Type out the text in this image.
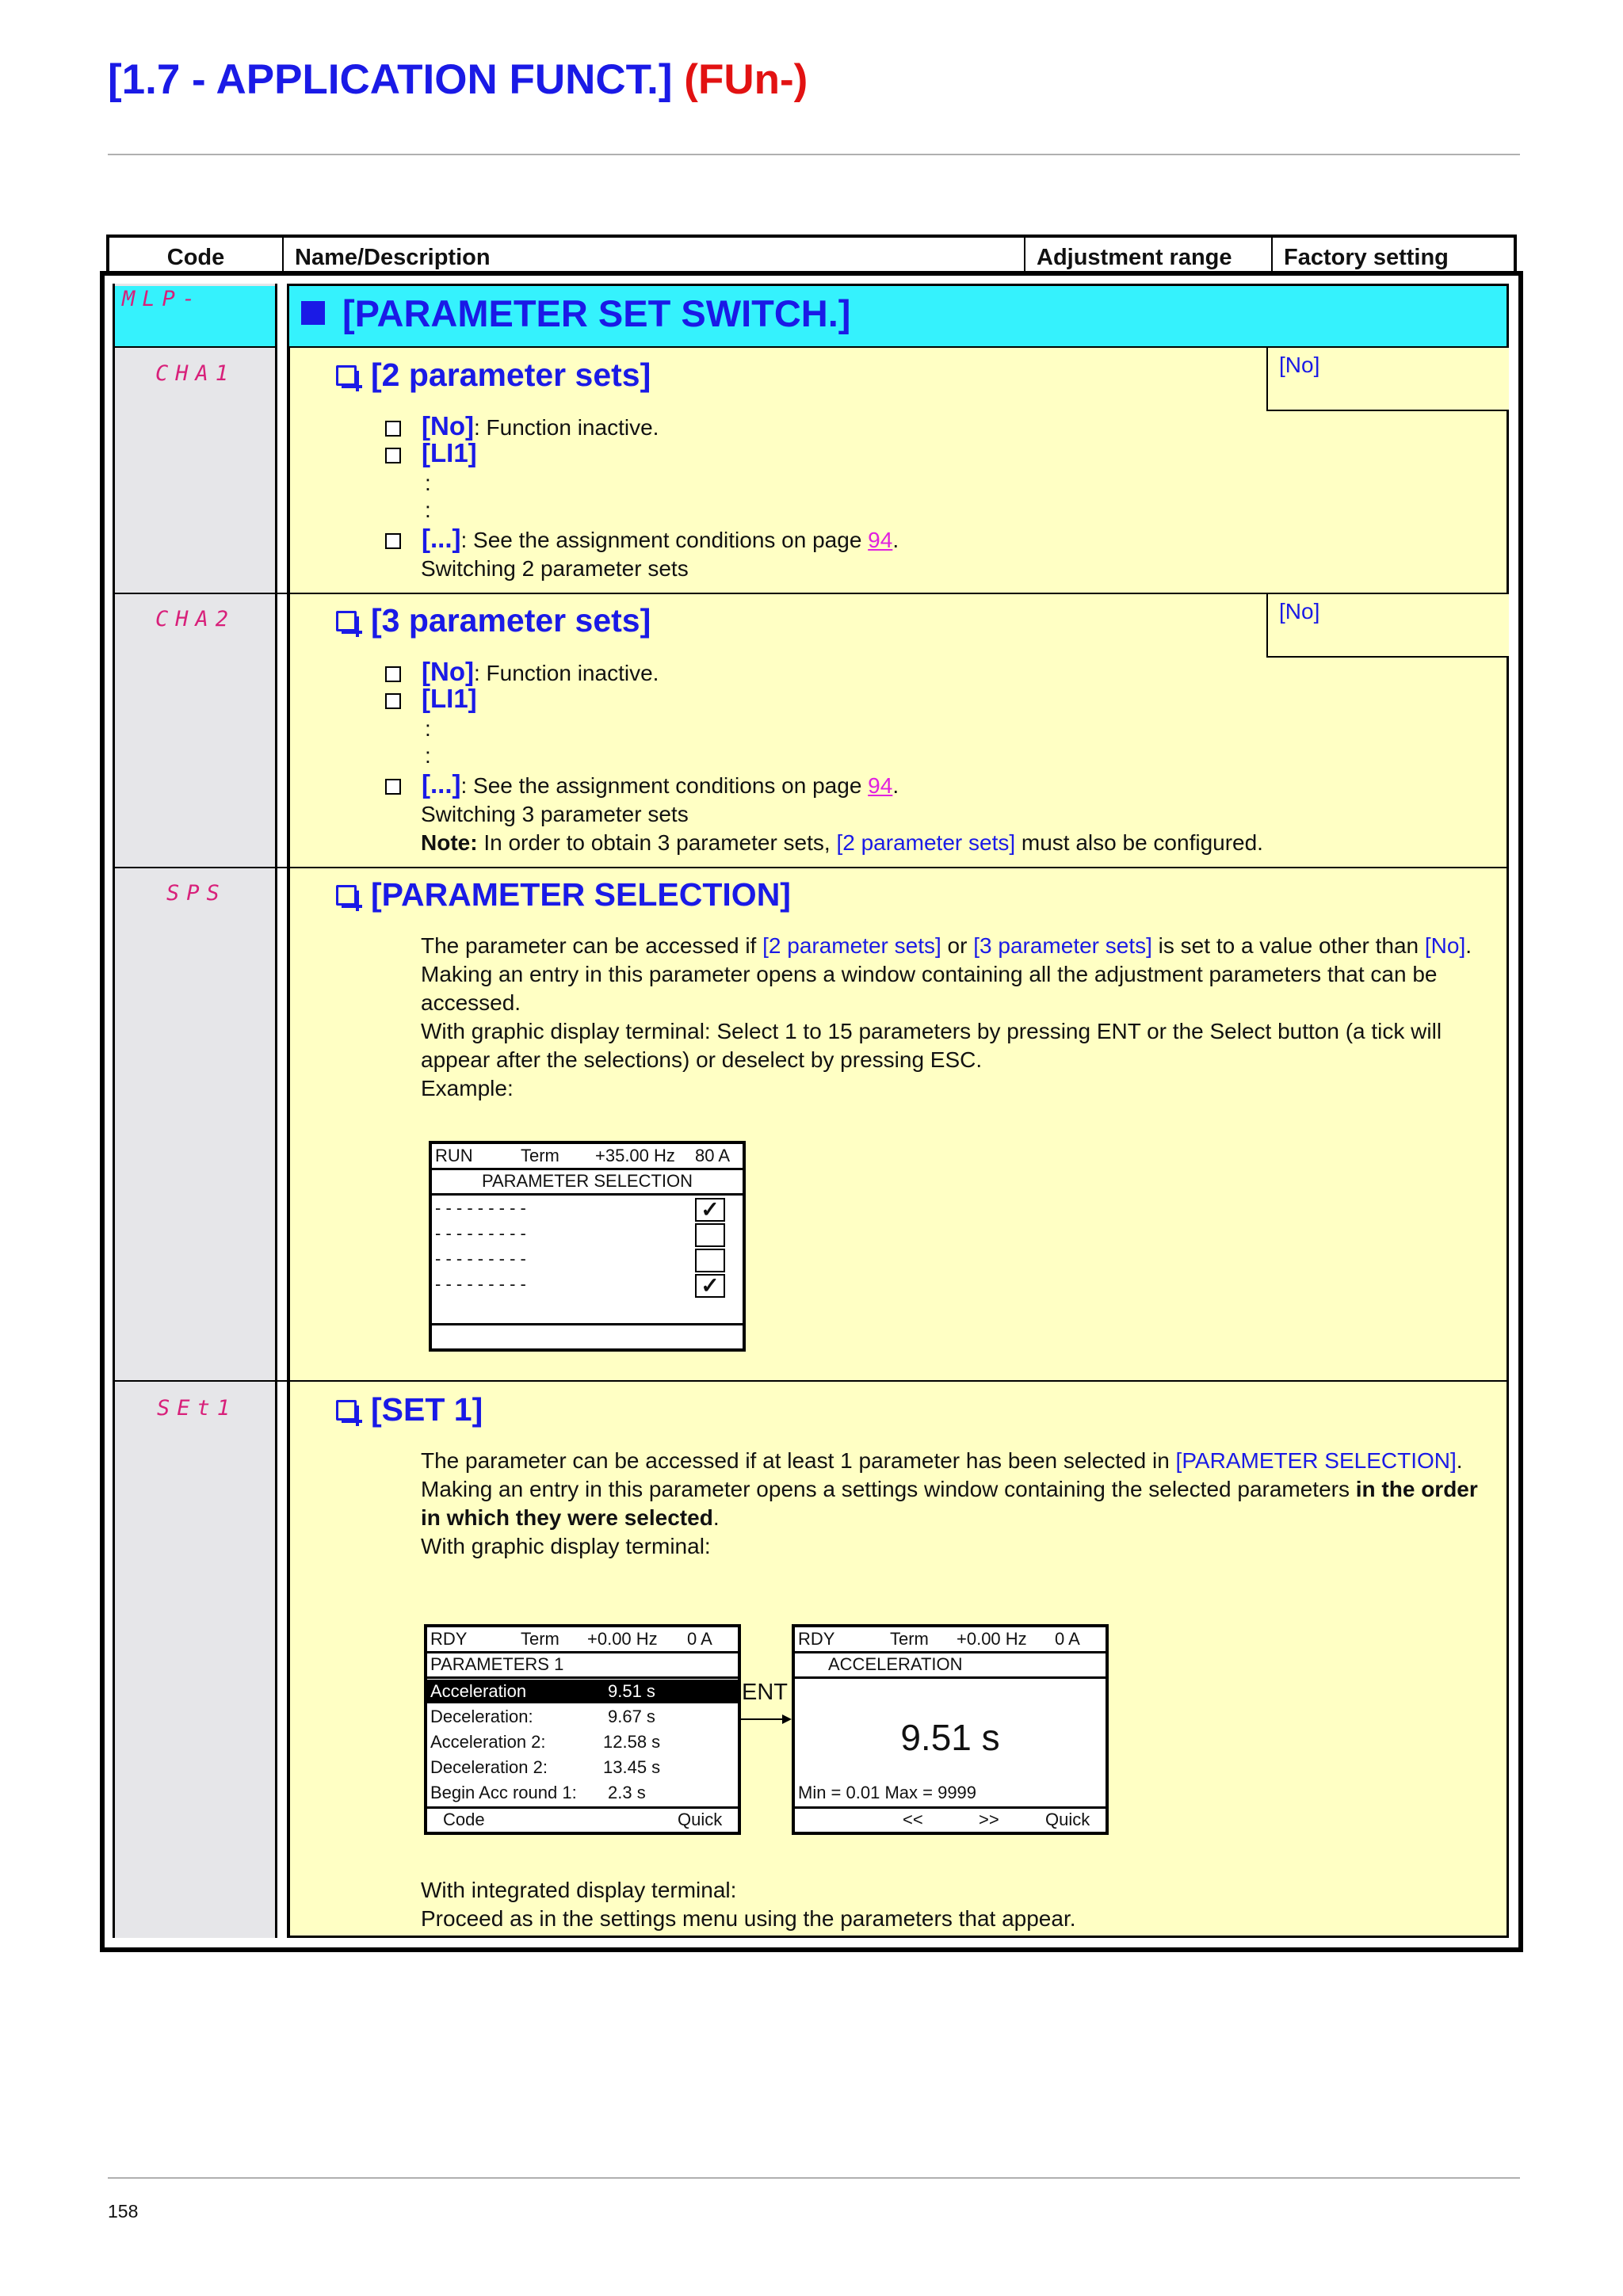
[1.7 - APPLICATION FUNCT.] (FUn-)
Code	Name/Description	Adjustment range	Factory setting
MLP-	[PARAMETER SET SWITCH.]
CHA1	[2 parameter sets]	[No]
[No]: Function inactive.
[LI1]
:
:
[...]: See the assignment conditions on page 94.
Switching 2 parameter sets
CHA2	[3 parameter sets]	[No]
[No]: Function inactive.
[LI1]
:
:
[...]: See the assignment conditions on page 94.
Switching 3 parameter sets
Note: In order to obtain 3 parameter sets, [2 parameter sets] must also be configured.
SPS	[PARAMETER SELECTION]
The parameter can be accessed if [2 parameter sets] or [3 parameter sets] is set to a value other than [No].
Making an entry in this parameter opens a window containing all the adjustment parameters that can be
accessed.
With graphic display terminal: Select 1 to 15 parameters by pressing ENT or the Select button (a tick will
appear after the selections) or deselect by pressing ESC.
Example:
RUN	Term +35.00 Hz 80 A
PARAMETER SELECTION
- - - - - - - - -	✓
- - - - - - - - -
- - - - - - - - -
- - - - - - - - -	✓
SEt1	[SET 1]
The parameter can be accessed if at least 1 parameter has been selected in [PARAMETER SELECTION].
Making an entry in this parameter opens a settings window containing the selected parameters in the order
in which they were selected.
With graphic display terminal:
RDY	Term +0.00 Hz 0 A
PARAMETERS 1
Acceleration	9.51 s
Deceleration:	9.67 s
Acceleration 2:	12.58 s
Deceleration 2:	13.45 s
Begin Acc round 1: 2.3 s
Code	Quick
ENT
RDY	Term +0.00 Hz 0 A
ACCELERATION
9.51 s
Min = 0.01 Max = 9999
<<	>>	Quick
With integrated display terminal:
Proceed as in the settings menu using the parameters that appear.
158
